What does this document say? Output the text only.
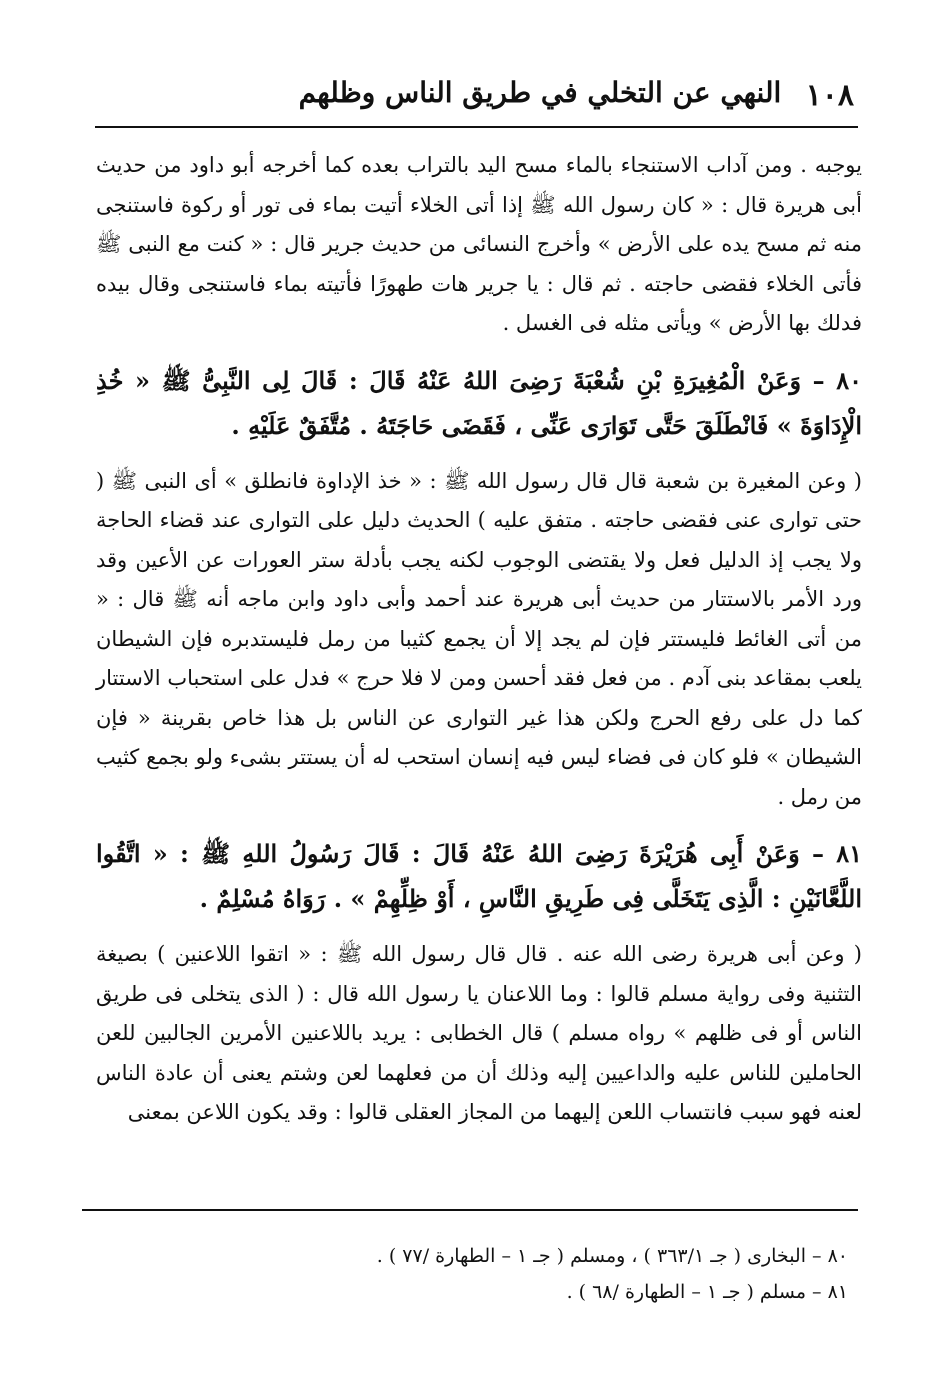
١٠٨
النهي عن التخلي في طريق الناس وظلهم

يوجبه . ومن آداب الاستنجاء بالماء مسح اليد بالتراب بعده كما أخرجه أبو داود من حديث أبى هريرة قال : « كان رسول الله ﷺ إذا أتى الخلاء أتيت بماء فى تور أو ركوة فاستنجى منه ثم مسح يده على الأرض » وأخرج النسائى من حديث جرير قال : « كنت مع النبى ﷺ فأتى الخلاء فقضى حاجته . ثم قال : يا جرير هات طهورًا فأتيته بماء فاستنجى وقال بيده فدلك بها الأرض » ويأتى مثله فى الغسل .

٨٠ – وَعَنْ الْمُغِيرَةِ بْنِ شُعْبَةَ رَضِىَ اللهُ عَنْهُ قَالَ : قَالَ لِى النَّبِىُّ ﷺ « خُذِ الْإِدَاوَةَ » فَانْطَلَقَ حَتَّى تَوَارَى عَنِّى ، فَقَضَى حَاجَتَهُ . مُتَّفَقٌ عَلَيْهِ .

( وعن المغيرة بن شعبة قال قال رسول الله ﷺ : « خذ الإداوة فانطلق » أى النبى ﷺ ( حتى توارى عنى فقضى حاجته . متفق عليه ) الحديث دليل على التوارى عند قضاء الحاجة ولا يجب إذ الدليل فعل ولا يقتضى الوجوب لكنه يجب بأدلة ستر العورات عن الأعين وقد ورد الأمر بالاستتار من حديث أبى هريرة عند أحمد وأبى داود وابن ماجه أنه ﷺ قال : « من أتى الغائط فليستتر فإن لم يجد إلا أن يجمع كثيبا من رمل فليستدبره فإن الشيطان يلعب بمقاعد بنى آدم . من فعل فقد أحسن ومن لا فلا حرج » فدل على استحباب الاستتار كما دل على رفع الحرج ولكن هذا غير التوارى عن الناس بل هذا خاص بقرينة « فإن الشيطان » فلو كان فى فضاء ليس فيه إنسان استحب له أن يستتر بشىء ولو بجمع كثيب من رمل .

٨١ – وَعَنْ أَبِى هُرَيْرَةَ رَضِىَ اللهُ عَنْهُ قَالَ : قَالَ رَسُولُ اللهِ ﷺ : « اتَّقُوا اللَّعَّانَيْنِ : الَّذِى يَتَخَلَّى فِى طَرِيقِ النَّاسِ ، أَوْ ظِلِّهِمْ » . رَوَاهُ مُسْلِمٌ .

( وعن أبى هريرة رضى الله عنه . قال قال رسول الله ﷺ : « اتقوا اللاعنين ) بصيغة التثنية وفى رواية مسلم قالوا : وما اللاعنان يا رسول الله قال : ( الذى يتخلى فى طريق الناس أو فى ظلهم » رواه مسلم ) قال الخطابى : يريد باللاعنين الأمرين الجالبين للعن الحاملين للناس عليه والداعيين إليه وذلك أن من فعلهما لعن وشتم يعنى أن عادة الناس لعنه فهو سبب فانتساب اللعن إليهما من المجاز العقلى قالوا : وقد يكون اللاعن بمعنى

٨٠ – البخارى ( جـ ٣٦٣/١ ) ، ومسلم ( جـ ١ – الطهارة /٧٧ ) .
٨١ – مسلم ( جـ ١ – الطهارة /٦٨ ) .
